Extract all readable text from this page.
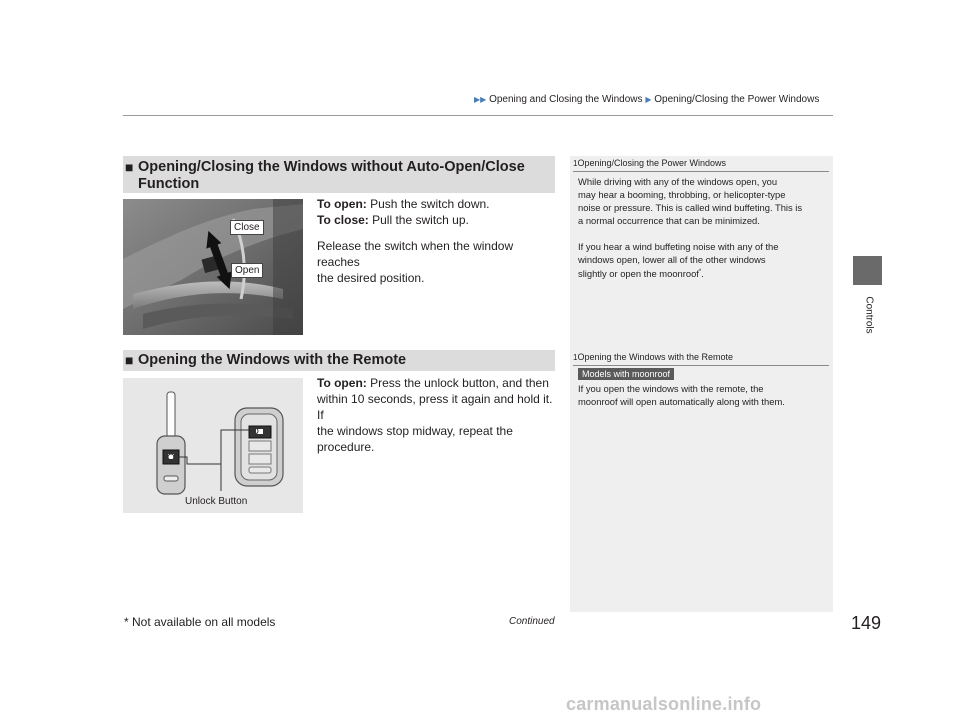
▶▶ Opening and Closing the Windows ▶ Opening/Closing the Power Windows
Controls
■ Opening/Closing the Windows without Auto-Open/Close
Function
Close
Open
To open: Push the switch down.
To close: Pull the switch up.
Release the switch when the window reaches
the desired position.
■ Opening the Windows with the Remote
Unlock Button
To open: Press the unlock button, and then
within 10 seconds, press it again and hold it. If
the windows stop midway, repeat the
procedure.
1Opening/Closing the Power Windows
While driving with any of the windows open, you
may hear a booming, throbbing, or helicopter-type
noise or pressure. This is called wind buffeting. This is
a normal occurrence that can be minimized.
If you hear a wind buffeting noise with any of the
windows open, lower all of the other windows
slightly or open the moonroof*.
1Opening the Windows with the Remote
Models with moonroof
If you open the windows with the remote, the
moonroof will open automatically along with them.
Continued	149
* Not available on all models
carmanualsonline.info
